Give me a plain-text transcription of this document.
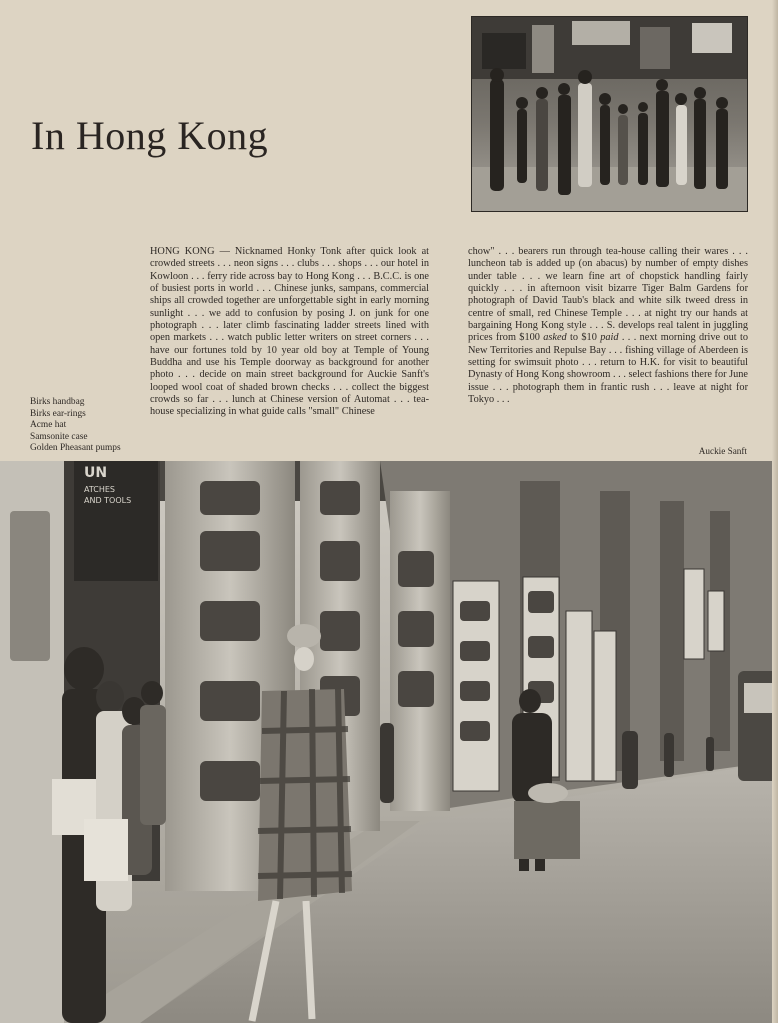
In Hong Kong

HONG KONG — Nicknamed Honky Tonk after quick look at crowded streets . . . neon signs . . . clubs . . . shops . . . our hotel in Kowloon . . . ferry ride across bay to Hong Kong . . . B.C.C. is one of busiest ports in world . . . Chinese junks, sampans, commercial ships all crowded together are unforgettable sight in early morning sunlight . . . we add to confusion by posing J. on junk for one photograph . . . later climb fascinating ladder streets lined with open markets . . . watch public letter writers on street corners . . . have our fortunes told by 10 year old boy at Temple of Young Buddha and use his Temple doorway as background for another photo . . . decide on main street background for Auckie Sanft's looped wool coat of shaded brown checks . . . collect the biggest crowds so far . . . lunch at Chinese version of Automat . . . tea-house specializing in what guide calls "small" Chinese

chow" . . . bearers run through tea-house calling their wares . . . luncheon tab is added up (on abacus) by number of empty dishes under table . . . we learn fine art of chopstick handling fairly quickly . . . in afternoon visit bizarre Tiger Balm Gardens for photograph of David Taub's black and white silk tweed dress in centre of small, red Chinese Temple . . . at night try our hands at bargaining Hong Kong style . . . S. develops real talent in juggling prices from $100 asked to $10 paid . . . next morning drive out to New Territories and Repulse Bay . . . fishing village of Aberdeen is setting for swimsuit photo . . . return to H.K. for visit to beautiful Dynasty of Hong Kong showroom . . . select fashions there for June issue . . . photograph them in frantic rush . . . leave at night for Tokyo . . .

Birks handbag
Birks ear-rings
Acme hat
Samsonite case
Golden Pheasant pumps	Auckie Sanft
UN
ATCHES
AND TOOLS
